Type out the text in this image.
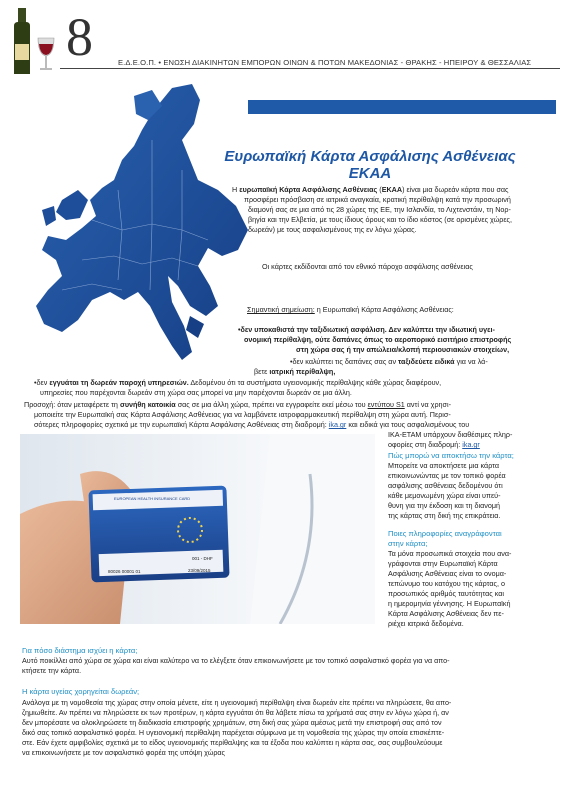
8	Ε.Δ.Ε.Ο.Π. • ΕΝΩΣΗ ΔΙΑΚΙΝΗΤΩΝ ΕΜΠΟΡΩΝ ΟΙΝΩΝ & ΠΟΤΩΝ ΜΑΚΕΔΟΝΙΑΣ - ΘΡΑΚΗΣ - ΗΠΕΙΡΟΥ & ΘΕΣΣΑΛΙΑΣ
Ευρωπαϊκή Κάρτα Ασφάλισης Ασθένειας
ΕΚΑΑ
Η ευρωπαϊκή Κάρτα Ασφάλισης Ασθένειας (ΕΚΑΑ) είναι μια δωρεάν κάρτα που σας
προσφέρει πρόσβαση σε ιατρικά αναγκαία, κρατική περίθαλψη κατά την προσωρινή
διαμονή σας σε μια από τις 28 χώρες της ΕΕ, την Ισλανδία, το Λιχτενστάιν, τη Νορ-
βηγία και την Ελβετία, με τους ίδιους όρους και το ίδιο κόστος (σε ορισμένες χώρες,
δωρεάν) με τους ασφαλισμένους της εν λόγω χώρας.
Οι κάρτες εκδίδονται από τον εθνικό πάροχο ασφάλισης ασθένειας
Σημαντική σημείωση: η Ευρωπαϊκή Κάρτα Ασφάλισης Ασθένειας:
•δεν υποκαθιστά την ταξιδιωτική ασφάλιση. Δεν καλύπτει την ιδιωτική υγει-
ονομική περίθαλψη, ούτε δαπάνες όπως το αεροπορικό εισιτήριο επιστροφής
στη χώρα σας ή την απώλεια/κλοπή περιουσιακών στοιχείων,
•δεν καλύπτει τις δαπάνες σας αν ταξιδεύετε ειδικά για να λά-
βετε ιατρική περίθαλψη,
•δεν εγγυάται τη δωρεάν παροχή υπηρεσιών. Δεδομένου ότι τα συστήματα υγειονομικής περίθαλψης κάθε χώρας διαφέρουν,
υπηρεσίες που παρέχονται δωρεάν στη χώρα σας μπορεί να μην παρέχονται δωρεάν σε μια άλλη.
Προσοχή: όταν μεταφέρετε τη συνήθη κατοικία σας σε μια άλλη χώρα, πρέπει να εγγραφείτε εκεί μέσω του εντύπου S1 αντί να χρησι-
μοποιείτε την Ευρωπαϊκή σας Κάρτα Ασφάλισης Ασθένειας για να λαμβάνετε ιατροφαρμακευτική περίθαλψη στη χώρα αυτή. Περισ-
σότερες πληροφορίες σχετικά με την ευρωπαϊκή Κάρτα Ασφάλισης Ασθένειας στη διαδρομή: ika.gr και ειδικά για τους ασφαλισμένους του
EUROPEAN HEALTH INSURANCE CARD
001 - DHF
80026 00001 01	23/09/2015
ΙΚΑ-ΕΤΑΜ υπάρχουν διαθέσιμες πληρ-
οφορίες στη διαδρομή: ika.gr
Πώς μπορώ να αποκτήσω την κάρτα;
Μπορείτε να αποκτήσετε μια κάρτα
επικοινωνώντας με τον τοπικό φορέα
ασφάλισης ασθένειας δεδομένου ότι
κάθε μεμονωμένη χώρα είναι υπεύ-
θυνη για την έκδοση και τη διανομή
της κάρτας στη δική της επικράτεια.
Ποιες πληροφορίες αναγράφονται
στην κάρτα;
Τα μόνα προσωπικά στοιχεία που ανα-
γράφονται στην Ευρωπαϊκή Κάρτα
Ασφάλισης Ασθένειας είναι το ονομα-
τεπώνυμο του κατόχου της κάρτας, ο
προσωπικός αριθμός ταυτότητας και
η ημερομηνία γέννησης. Η Ευρωπαϊκή
Κάρτα Ασφάλισης Ασθένειας δεν πε-
ριέχει ιατρικά δεδομένα.
Για πόσο διάστημα ισχύει η κάρτα;
Αυτό ποικίλλει από χώρα σε χώρα και είναι καλύτερο να το ελέγξετε όταν επικοινωνήσετε με τον τοπικό ασφαλιστικό φορέα για να απο-
κτήσετε την κάρτα.
Η κάρτα υγείας χορηγείται δωρεάν;
Ανάλογα με τη νομοθεσία της χώρας στην οποία μένετε, είτε η υγειονομική περίθαλψη είναι δωρεάν είτε πρέπει να πληρώσετε, θα απο-
ζημιωθείτε. Αν πρέπει να πληρώσετε εκ των προτέρων, η κάρτα εγγυάται ότι θα λάβετε πίσω τα χρήματά σας στην εν λόγω χώρα ή, αν
δεν μπορέσατε να ολοκληρώσετε τη διαδικασία επιστροφής χρημάτων, στη δική σας χώρα αμέσως μετά την επιστροφή σας από τον
δικό σας τοπικό ασφαλιστικό φορέα. Η υγειονομική περίθαλψη παρέχεται σύμφωνα με τη νομοθεσία της χώρας την οποία επισκέπτε-
στε. Εάν έχετε αμφιβολίες σχετικά με το είδος υγειονομικής περίθαλψης και τα έξοδα που καλύπτει η κάρτα σας, σας συμβουλεύουμε
να επικοινωνήσετε με τον ασφαλιστικό φορέα της υπόψη χώρας
